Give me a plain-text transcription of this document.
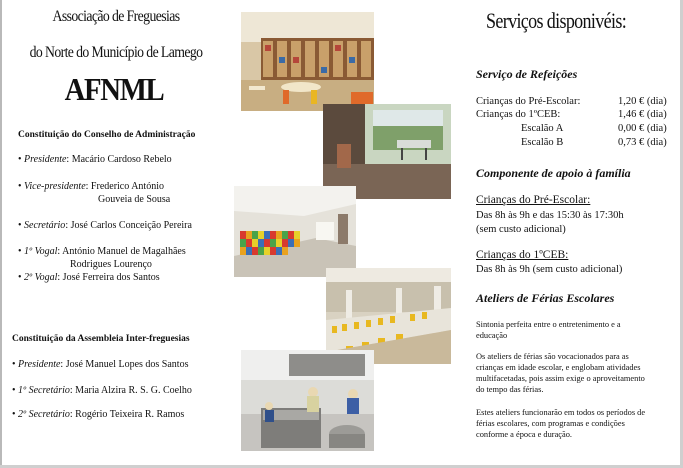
Associação de Freguesias
do Norte do Município de Lamego
AFNML
Constituição do Conselho de Administração
• Presidente: Macário Cardoso Rebelo
• Vice-presidente: Frederico António
Gouveia de Sousa
• Secretário: José Carlos Conceição Pereira
• 1º Vogal: António Manuel de Magalhães
Rodrigues Lourenço
• 2º Vogal: José Ferreira dos Santos
Constituição da Assembleia Inter-freguesias
• Presidente: José Manuel Lopes dos Santos
• 1º Secretário: Maria Alzira R. S. G. Coelho
• 2º Secretário: Rogério Teixeira R. Ramos
Serviços disponivéis:
Serviço de Refeições
Crianças do Pré-Escolar:	1,20 € (dia)
Crianças do 1ºCEB:	1,46 € (dia)
Escalão A	0,00 € (dia)
Escalão B	0,73 € (dia)
Componente de apoio à família
Crianças do Pré-Escolar:
Das 8h às 9h e das 15:30 às 17:30h
(sem custo adicional)
Crianças do 1ºCEB:
Das 8h às 9h (sem custo adicional)
Ateliers de Férias Escolares
Sintonia perfeita entre o entretenimento e a
educação
Os ateliers de férias são vocacionados para as
crianças em idade escolar, e englobam atividades
multifacetadas, pois assim exige o aproveitamento
do tempo das férias.
Estes ateliers funcionarão em todos os períodos de
férias escolares, com programas e condições
conforme a época e duração.
